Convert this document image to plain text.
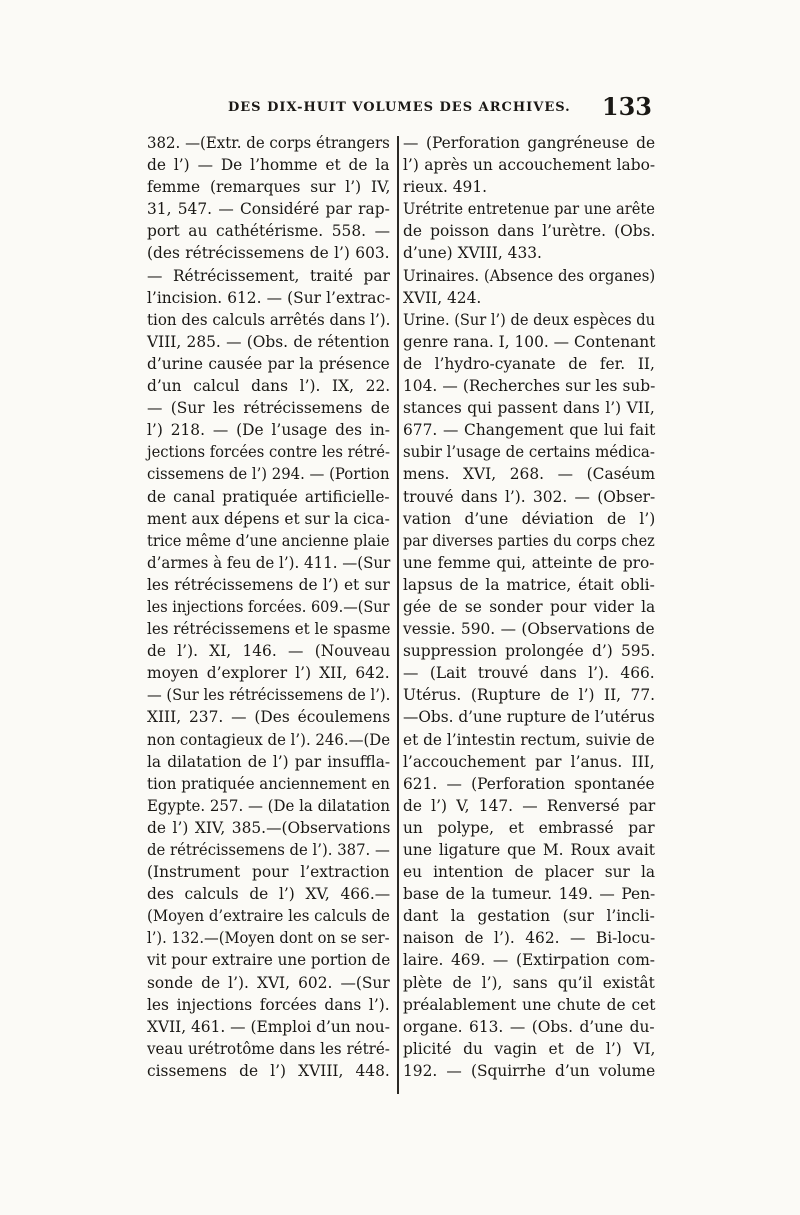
DES DIX-HUIT VOLUMES DES ARCHIVES. 133
382. —(Extr. de corps étrangers
de l’) — De l’homme et de la
femme (remarques sur l’) IV,
31, 547. — Considéré par rap-
port au cathétérisme. 558. —
(des rétrécissemens de l’) 603.
— Rétrécissement, traité par
l’incision. 612. — (Sur l’extrac-
tion des calculs arrêtés dans l’).
VIII, 285. — (Obs. de rétention
d’urine causée par la présence
d’un calcul dans l’). IX, 22.
— (Sur les rétrécissemens de
l’) 218. — (De l’usage des in-
jections forcées contre les rétré-
cissemens de l’) 294. — (Portion
de canal pratiquée artificielle-
ment aux dépens et sur la cica-
trice même d’une ancienne plaie
d’armes à feu de l’). 411. —(Sur
les rétrécissemens de l’) et sur
les injections forcées. 609.—(Sur
les rétrécissemens et le spasme
de l’). XI, 146. — (Nouveau
moyen d’explorer l’) XII, 642.
— (Sur les rétrécissemens de l’).
XIII, 237. — (Des écoulemens
non contagieux de l’). 246.—(De
la dilatation de l’) par insuffla-
tion pratiquée anciennement en
Egypte. 257. — (De la dilatation
de l’) XIV, 385.—(Observations
de rétrécissemens de l’). 387. —
(Instrument pour l’extraction
des calculs de l’) XV, 466.—
(Moyen d’extraire les calculs de
l’). 132.—(Moyen dont on se ser-
vit pour extraire une portion de
sonde de l’). XVI, 602. —(Sur
les injections forcées dans l’).
XVII, 461. — (Emploi d’un nou-
veau urétrotôme dans les rétré-
cissemens de l’) XVIII, 448.
— (Perforation gangréneuse de
l’) après un accouchement labo-
rieux. 491.
Urétrite entretenue par une arête
de poisson dans l’urètre. (Obs.
d’une) XVIII, 433.
Urinaires. (Absence des organes)
XVII, 424.
Urine. (Sur l’) de deux espèces du
genre rana. I, 100. — Contenant
de l’hydro-cyanate de fer. II,
104. — (Recherches sur les sub-
stances qui passent dans l’) VII,
677. — Changement que lui fait
subir l’usage de certains médica-
mens. XVI, 268. — (Caséum
trouvé dans l’). 302. — (Obser-
vation d’une déviation de l’)
par diverses parties du corps chez
une femme qui, atteinte de pro-
lapsus de la matrice, était obli-
gée de se sonder pour vider la
vessie. 590. — (Observations de
suppression prolongée d’) 595.
— (Lait trouvé dans l’). 466.
Utérus. (Rupture de l’) II, 77.
—Obs. d’une rupture de l’utérus
et de l’intestin rectum, suivie de
l’accouchement par l’anus. III,
621. — (Perforation spontanée
de l’) V, 147. — Renversé par
un polype, et embrassé par
une ligature que M. Roux avait
eu intention de placer sur la
base de la tumeur. 149. — Pen-
dant la gestation (sur l’incli-
naison de l’). 462. — Bi-locu-
laire. 469. — (Extirpation com-
plète de l’), sans qu’il existât
préalablement une chute de cet
organe. 613. — (Obs. d’une du-
plicité du vagin et de l’) VI,
192. — (Squirrhe d’un volume
